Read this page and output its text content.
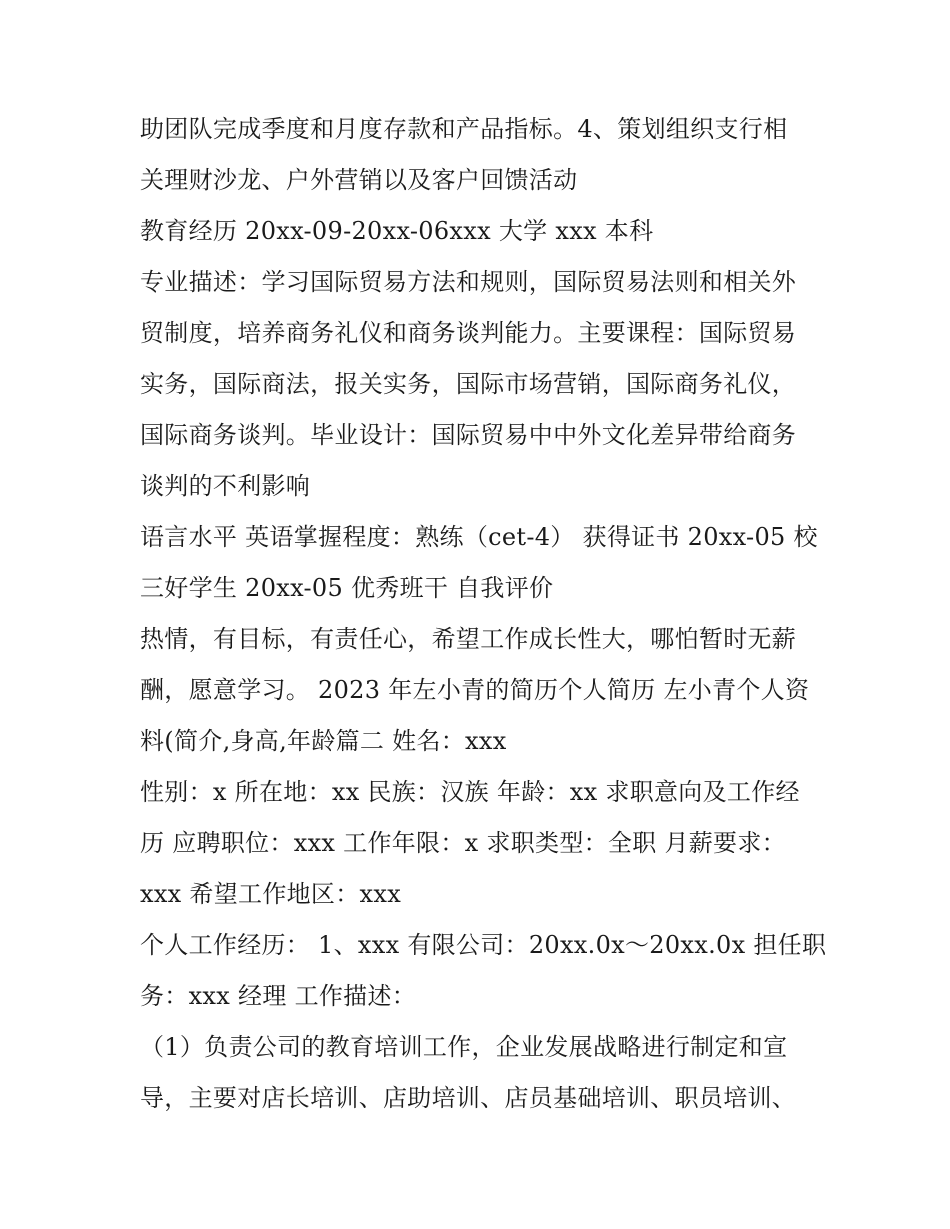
助团队完成季度和月度存款和产品指标。4、策划组织支行相
关理财沙龙、户外营销以及客户回馈活动
教育经历 20xx-09-20xx-06xxx 大学 xxx 本科
专业描述：学习国际贸易方法和规则，国际贸易法则和相关外
贸制度，培养商务礼仪和商务谈判能力。主要课程：国际贸易
实务，国际商法，报关实务，国际市场营销，国际商务礼仪，
国际商务谈判。毕业设计：国际贸易中中外文化差异带给商务
谈判的不利影响
语言水平 英语掌握程度：熟练（cet-4） 获得证书 20xx-05 校
三好学生 20xx-05 优秀班干 自我评价
热情，有目标，有责任心，希望工作成长性大，哪怕暂时无薪
酬，愿意学习。 2023 年左小青的简历个人简历 左小青个人资
料(简介,身高,年龄篇二 姓名：xxx
性别：x 所在地：xx 民族：汉族 年龄：xx 求职意向及工作经
历 应聘职位：xxx 工作年限：x 求职类型：全职 月薪要求：
xxx 希望工作地区：xxx
个人工作经历： 1、xxx 有限公司：20xx.0x～20xx.0x 担任职
务：xxx 经理 工作描述：
（1）负责公司的教育培训工作，企业发展战略进行制定和宣
导，主要对店长培训、店助培训、店员基础培训、职员培训、
